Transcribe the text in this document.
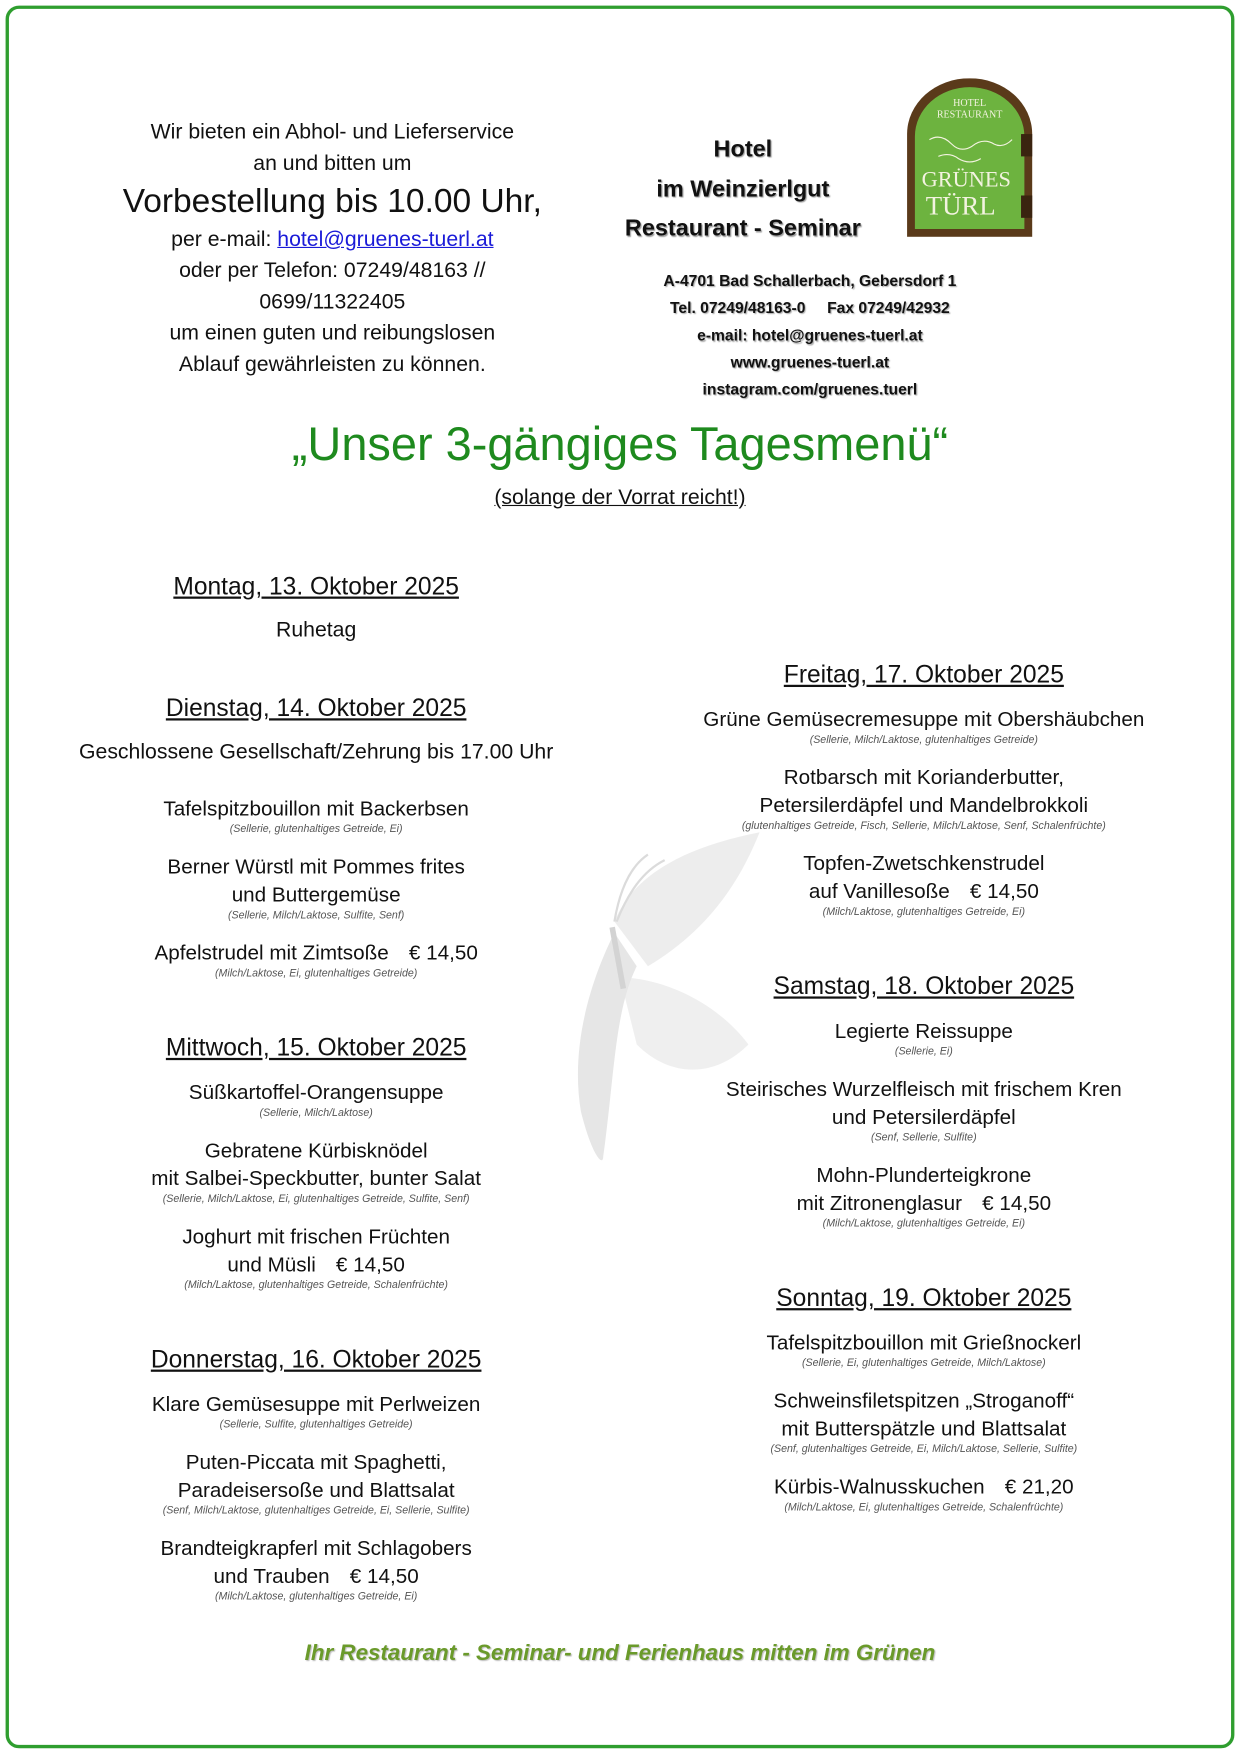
Wir bieten ein Abhol- und Lieferservice
an und bitten um
Vorbestellung bis 10.00 Uhr,
per e-mail: hotel@gruenes-tuerl.at
oder per Telefon: 07249/48163 //
0699/11322405
um einen guten und reibungslosen
Ablauf gewährleisten zu können.
Hotel
im Weinzierlgut
Restaurant - Seminar
HOTEL
RESTAURANT
GRÜNES
TÜRL
A-4701 Bad Schallerbach, Gebersdorf 1
Tel. 07249/48163-0     Fax 07249/42932
e-mail: hotel@gruenes-tuerl.at
www.gruenes-tuerl.at
instagram.com/gruenes.tuerl
„Unser 3-gängiges Tagesmenü“
(solange der Vorrat reicht!)
Montag, 13. Oktober 2025
Ruhetag
Dienstag, 14. Oktober 2025
Geschlossene Gesellschaft/Zehrung bis 17.00 Uhr
Tafelspitzbouillon mit Backerbsen
(Sellerie, glutenhaltiges Getreide, Ei)
Berner Würstl mit Pommes frites
und Buttergemüse
(Sellerie, Milch/Laktose, Sulfite, Senf)
Apfelstrudel mit Zimtsoße € 14,50
(Milch/Laktose, Ei, glutenhaltiges Getreide)
Mittwoch, 15. Oktober 2025
Süßkartoffel-Orangensuppe
(Sellerie, Milch/Laktose)
Gebratene Kürbisknödel
mit Salbei-Speckbutter, bunter Salat
(Sellerie, Milch/Laktose, Ei, glutenhaltiges Getreide, Sulfite, Senf)
Joghurt mit frischen Früchten
und Müsli € 14,50
(Milch/Laktose, glutenhaltiges Getreide, Schalenfrüchte)
Donnerstag, 16. Oktober 2025
Klare Gemüsesuppe mit Perlweizen
(Sellerie, Sulfite, glutenhaltiges Getreide)
Puten-Piccata mit Spaghetti,
Paradeisersoße und Blattsalat
(Senf, Milch/Laktose, glutenhaltiges Getreide, Ei, Sellerie, Sulfite)
Brandteigkrapferl mit Schlagobers
und Trauben € 14,50
(Milch/Laktose, glutenhaltiges Getreide, Ei)
Freitag, 17. Oktober 2025
Grüne Gemüsecremesuppe mit Obershäubchen
(Sellerie, Milch/Laktose, glutenhaltiges Getreide)
Rotbarsch mit Korianderbutter,
Petersilerdäpfel und Mandelbrokkoli
(glutenhaltiges Getreide, Fisch, Sellerie, Milch/Laktose, Senf, Schalenfrüchte)
Topfen-Zwetschkenstrudel
auf Vanillesoße € 14,50
(Milch/Laktose, glutenhaltiges Getreide, Ei)
Samstag, 18. Oktober 2025
Legierte Reissuppe
(Sellerie, Ei)
Steirisches Wurzelfleisch mit frischem Kren
und Petersilerdäpfel
(Senf, Sellerie, Sulfite)
Mohn-Plunderteigkrone
mit Zitronenglasur € 14,50
(Milch/Laktose, glutenhaltiges Getreide, Ei)
Sonntag, 19. Oktober 2025
Tafelspitzbouillon mit Grießnockerl
(Sellerie, Ei, glutenhaltiges Getreide, Milch/Laktose)
Schweinsfiletspitzen „Stroganoff“
mit Butterspätzle und Blattsalat
(Senf, glutenhaltiges Getreide, Ei, Milch/Laktose, Sellerie, Sulfite)
Kürbis-Walnusskuchen € 21,20
(Milch/Laktose, Ei, glutenhaltiges Getreide, Schalenfrüchte)
Ihr Restaurant - Seminar- und Ferienhaus mitten im Grünen
